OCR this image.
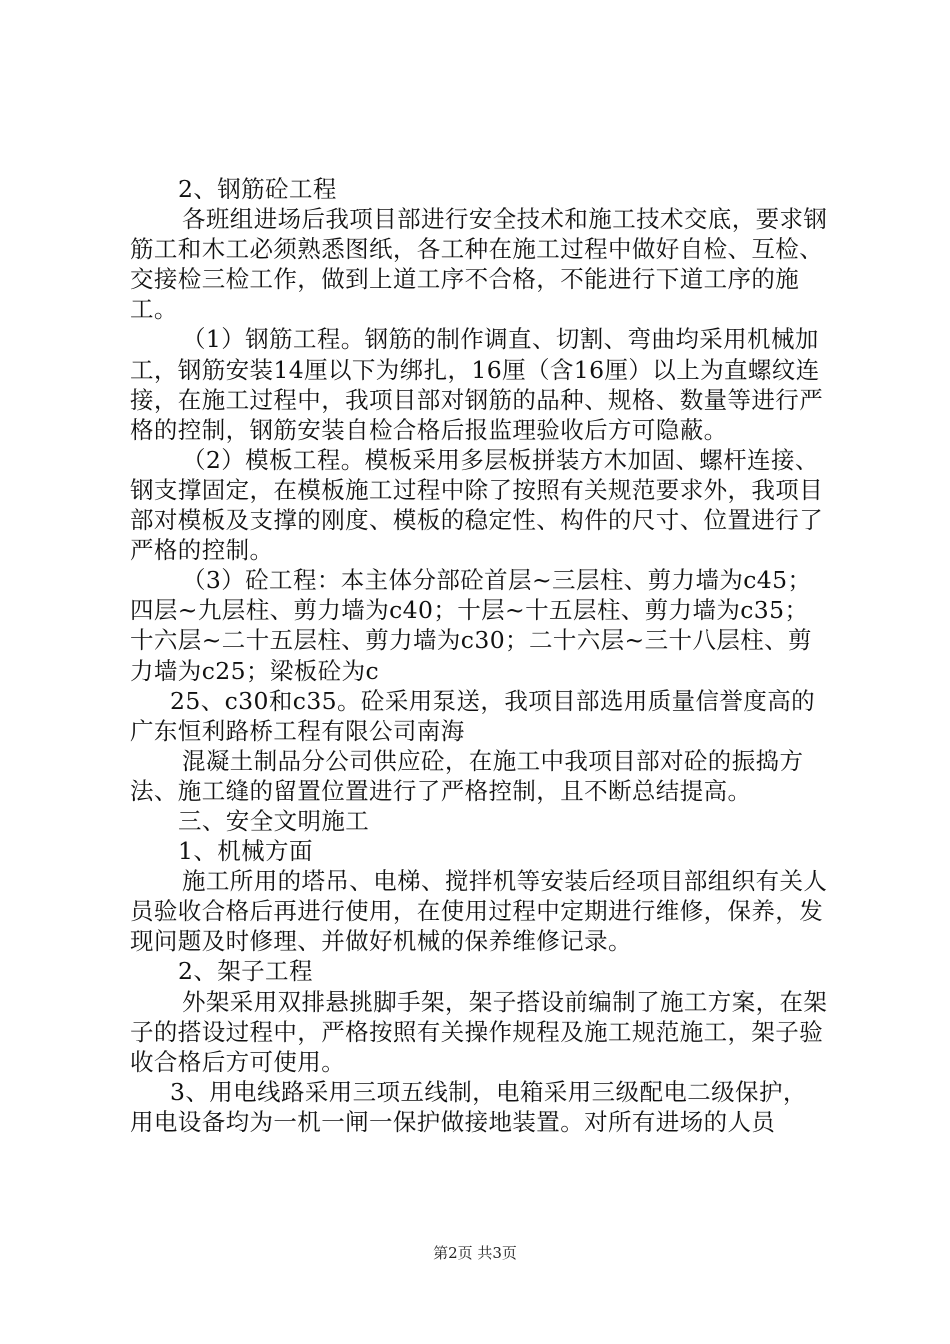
2、钢筋砼工程

各班组进场后我项目部进行安全技术和施工技术交底，要求钢筋工和木工必须熟悉图纸，各工种在施工过程中做好自检、互检、交接检三检工作，做到上道工序不合格，不能进行下道工序的施工。

（1）钢筋工程。钢筋的制作调直、切割、弯曲均采用机械加工，钢筋安装14厘以下为绑扎，16厘（含16厘）以上为直螺纹连接，在施工过程中，我项目部对钢筋的品种、规格、数量等进行严格的控制，钢筋安装自检合格后报监理验收后方可隐蔽。

（2）模板工程。模板采用多层板拼装方木加固、螺杆连接、钢支撑固定，在模板施工过程中除了按照有关规范要求外，我项目部对模板及支撑的刚度、模板的稳定性、构件的尺寸、位置进行了严格的控制。

（3）砼工程：本主体分部砼首层~三层柱、剪力墙为c45；四层~九层柱、剪力墙为c40；十层~十五层柱、剪力墙为c35；十六层~二十五层柱、剪力墙为c30；二十六层~三十八层柱、剪力墙为c25；梁板砼为c

25、c30和c35。砼采用泵送，我项目部选用质量信誉度高的广东恒利路桥工程有限公司南海

混凝土制品分公司供应砼，在施工中我项目部对砼的振捣方法、施工缝的留置位置进行了严格控制，且不断总结提高。

三、安全文明施工

1、机械方面

施工所用的塔吊、电梯、搅拌机等安装后经项目部组织有关人员验收合格后再进行使用，在使用过程中定期进行维修，保养，发现问题及时修理、并做好机械的保养维修记录。

2、架子工程

外架采用双排悬挑脚手架，架子搭设前编制了施工方案，在架子的搭设过程中，严格按照有关操作规程及施工规范施工，架子验收合格后方可使用。

3、用电线路采用三项五线制，电箱采用三级配电二级保护，用电设备均为一机一闸一保护做接地装置。对所有进场的人员

第2页 共3页
